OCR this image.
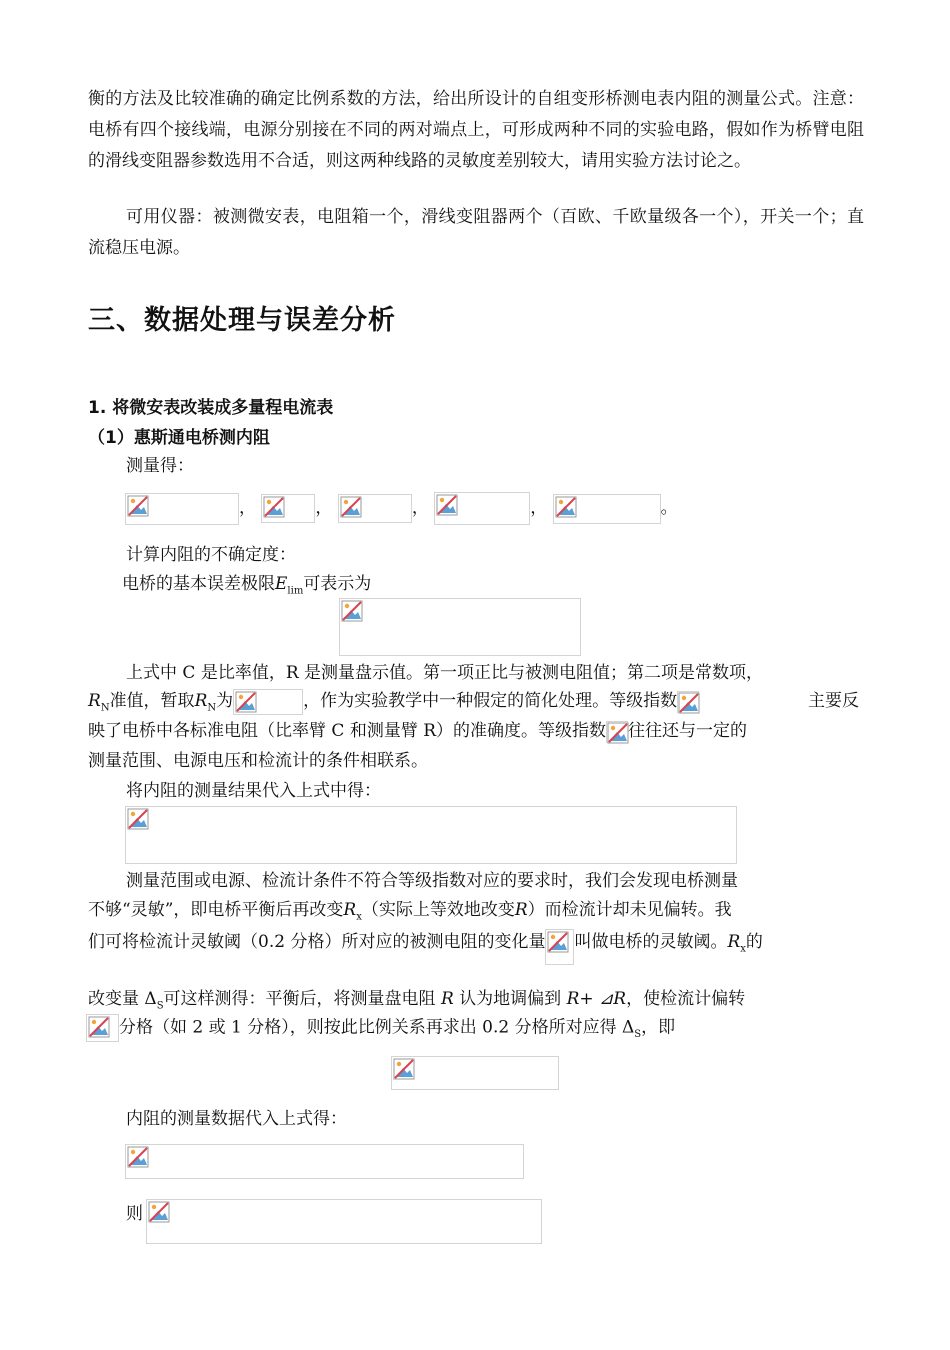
衡的方法及比较准确的确定比例系数的方法，给出所设计的自组变形桥测电表内阻的测量公式。注意：电桥有四个接线端，电源分别接在不同的两对端点上，可形成两种不同的实验电路，假如作为桥臂电阻的滑线变阻器参数选用不合适，则这两种线路的灵敏度差别较大，请用实验方法讨论之。

可用仪器：被测微安表，电阻箱一个，滑线变阻器两个（百欧、千欧量级各一个），开关一个；直流稳压电源。

三、数据处理与误差分析
1. 将微安表改装成多量程电流表
（1）惠斯通电桥测内阻
测量得：
，	，	，	，	。
计算内阻的不确定度：
电桥的基本误差极限$E_{lim}$可表示为
上式中 C 是比率值，R 是测量盘示值。第一项正比与被测电阻值；第二项是常数项，
$R_N$准值，暂取$R_N$为	，作为实验教学中一种假定的简化处理。等级指数	主要反
映了电桥中各标准电阻（比率臂 C 和测量臂 R）的准确度。等级指数 往往还与一定的
测量范围、电源电压和检流计的条件相联系。
将内阻的测量结果代入上式中得：
测量范围或电源、检流计条件不符合等级指数对应的要求时，我们会发现电桥测量
不够“灵敏”，即电桥平衡后再改变$R_x$（实际上等效地改变R）而检流计却未见偏转。我
们可将检流计灵敏阈（0.2 分格）所对应的被测电阻的变化量 叫做电桥的灵敏阈。$R_x$的
改变量 $\Delta_S$可这样测得：平衡后，将测量盘电阻 R 认为地调偏到 R+ ⊿R，使检流计偏转
分格（如 2 或 1 分格），则按此比例关系再求出 0.2 分格所对应得 $\Delta_S$，即
内阻的测量数据代入上式得：
则
